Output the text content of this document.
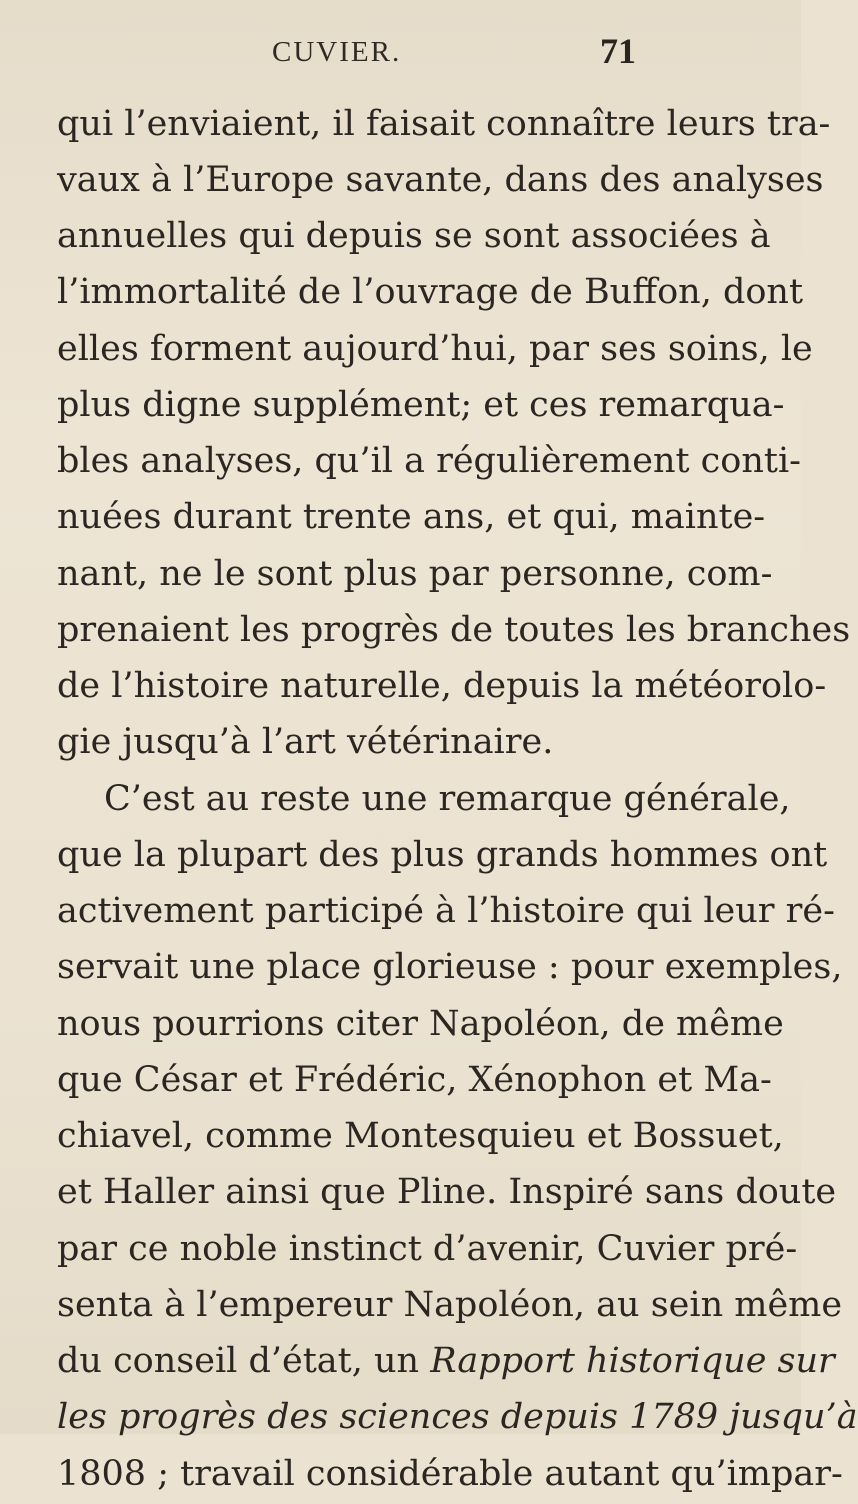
CUVIER.	71
qui l’enviaient, il faisait connaître leurs tra-
vaux à l’Europe savante, dans des analyses
annuelles qui depuis se sont associées à
l’immortalité de l’ouvrage de Buffon, dont
elles forment aujourd’hui, par ses soins, le
plus digne supplément; et ces remarqua-
bles analyses, qu’il a régulièrement conti-
nuées durant trente ans, et qui, mainte-
nant, ne le sont plus par personne, com-
prenaient les progrès de toutes les branches
de l’histoire naturelle, depuis la météorolo-
gie jusqu’à l’art vétérinaire.
C’est au reste une remarque générale,
que la plupart des plus grands hommes ont
activement participé à l’histoire qui leur ré-
servait une place glorieuse : pour exemples,
nous pourrions citer Napoléon, de même
que César et Frédéric, Xénophon et Ma-
chiavel, comme Montesquieu et Bossuet,
et Haller ainsi que Pline. Inspiré sans doute
par ce noble instinct d’avenir, Cuvier pré-
senta à l’empereur Napoléon, au sein même
du conseil d’état, un Rapport historique sur
les progrès des sciences depuis 1789 jusqu’à
1808 ; travail considérable autant qu’impar-
